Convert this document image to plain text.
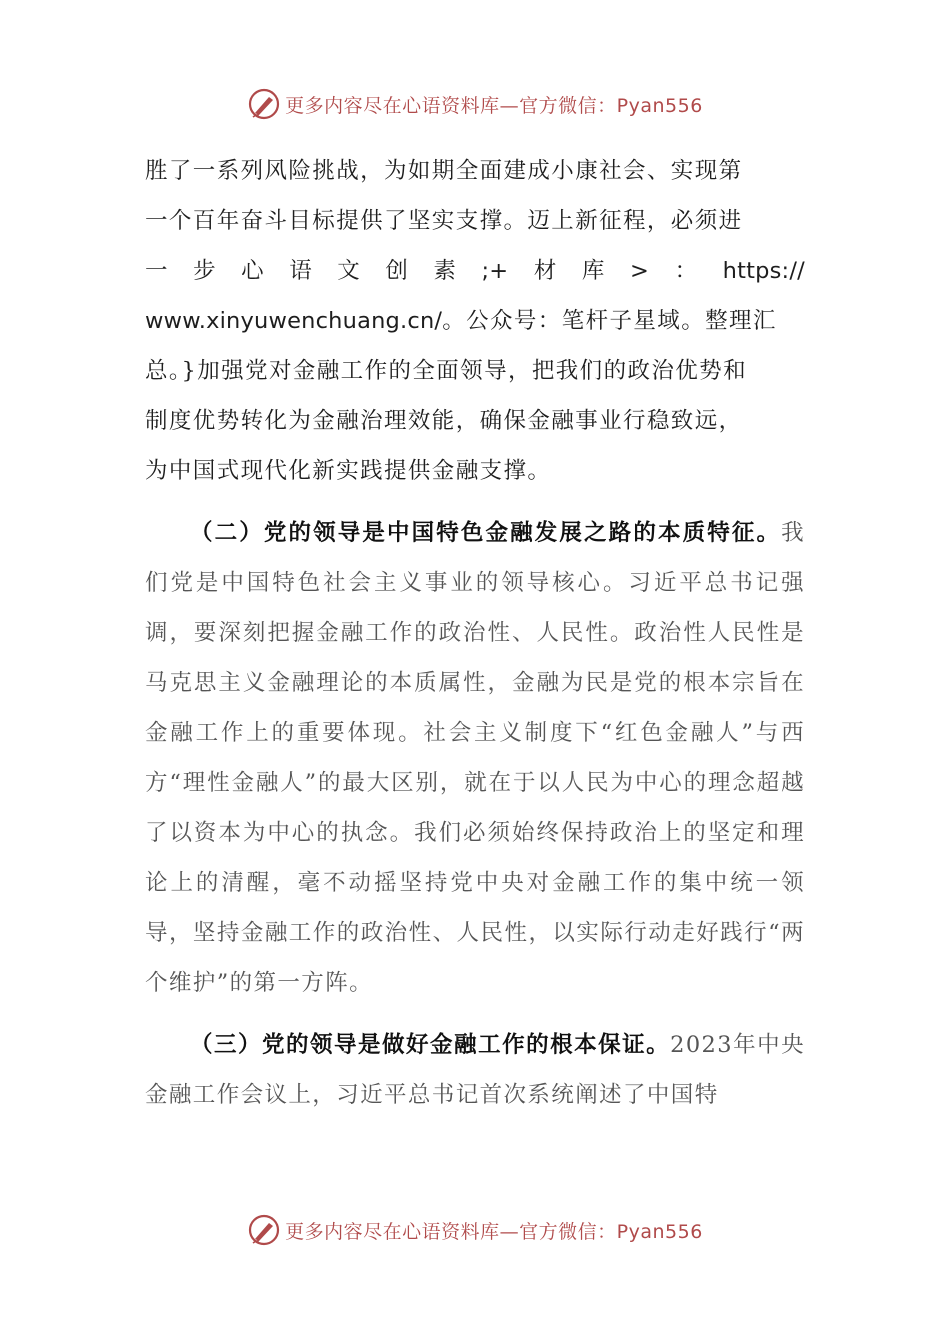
更多内容尽在心语资料库—官方微信：Pyan556

胜了一系列风险挑战，为如期全面建成小康社会、实现第

一个百年奋斗目标提供了坚实支撑。迈上新征程，必须进

一 步 心 语 文 创 素 ;+ 材 库 > ： https://

www.xinyuwenchuang.cn/。公众号：笔杆子星域。整理汇

总。}加强党对金融工作的全面领导，把我们的政治优势和

制度优势转化为金融治理效能，确保金融事业行稳致远，

为中国式现代化新实践提供金融支撑。

（二）党的领导是中国特色金融发展之路的本质特征。我们党是中国特色社会主义事业的领导核心。习近平总书记强调，要深刻把握金融工作的政治性、人民性。政治性人民性是马克思主义金融理论的本质属性，金融为民是党的根本宗旨在金融工作上的重要体现。社会主义制度下“红色金融人”与西方“理性金融人”的最大区别，就在于以人民为中心的理念超越了以资本为中心的执念。我们必须始终保持政治上的坚定和理论上的清醒，毫不动摇坚持党中央对金融工作的集中统一领导，坚持金融工作的政治性、人民性，以实际行动走好践行“两个维护”的第一方阵。

（三）党的领导是做好金融工作的根本保证。2023年中央金融工作会议上，习近平总书记首次系统阐述了中国特

更多内容尽在心语资料库—官方微信：Pyan556
